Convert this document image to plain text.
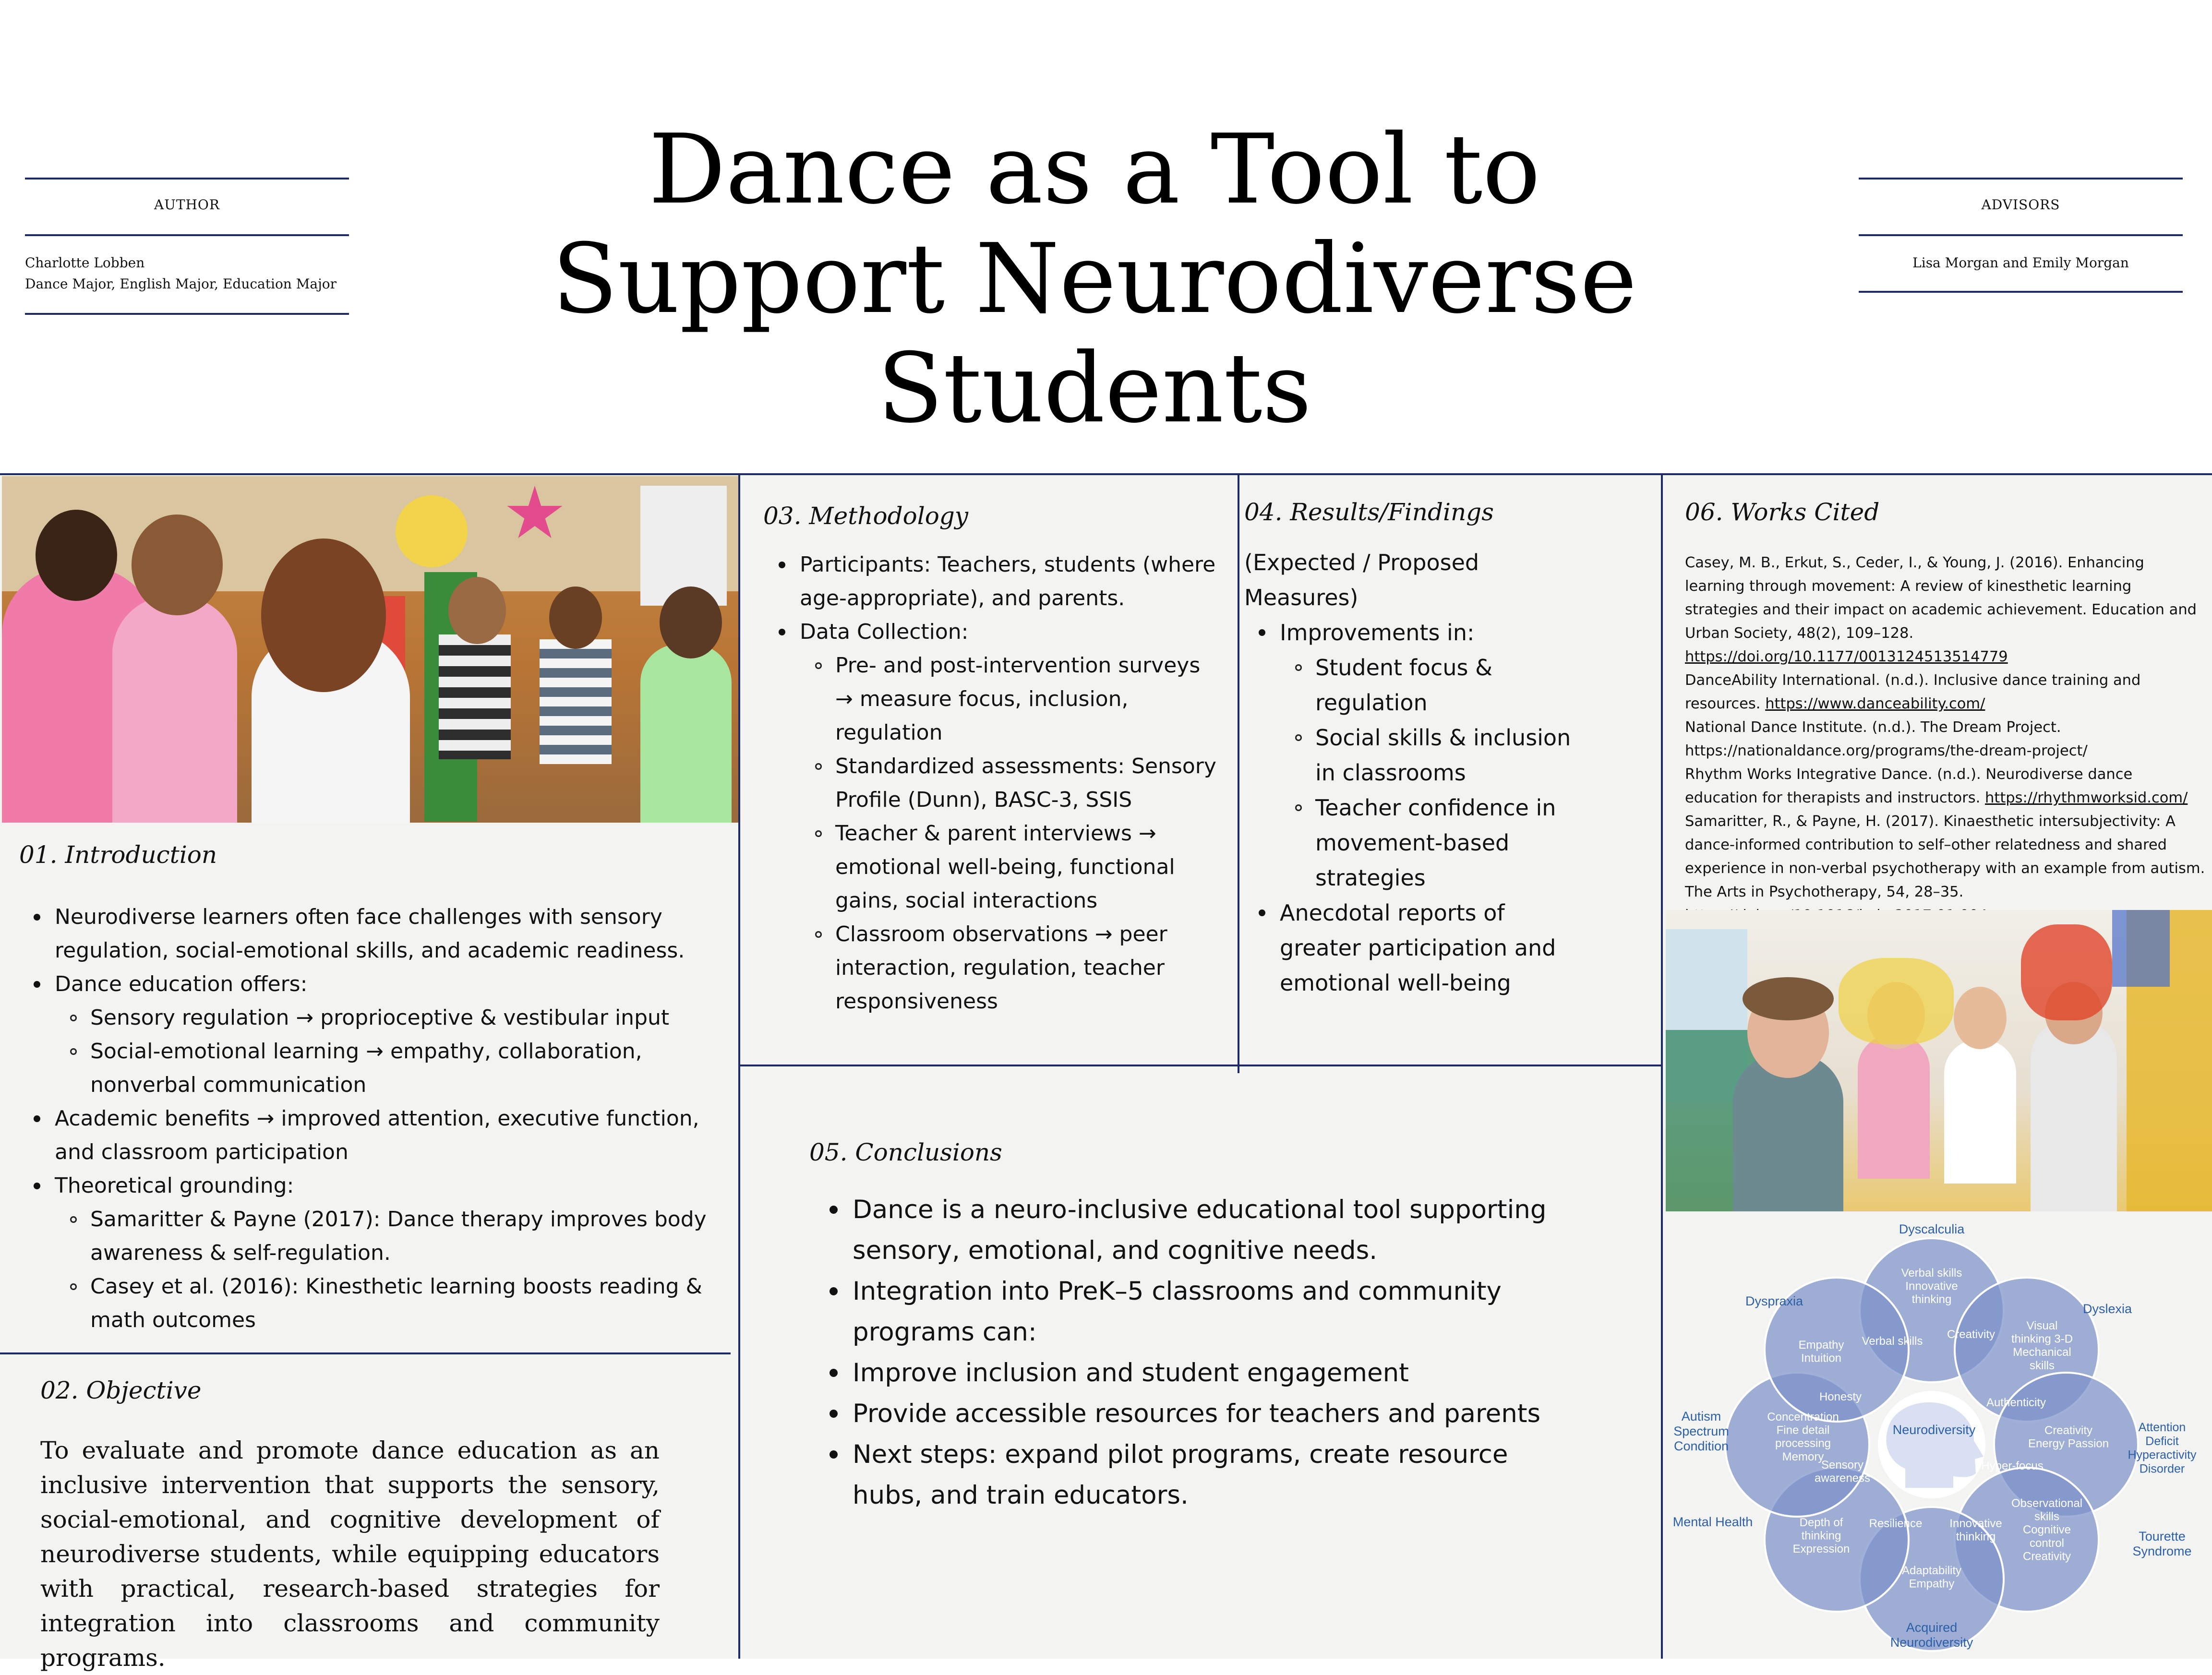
AUTHOR
Charlotte Lobben
Dance Major, English Major, Education Major
Dance as a Tool to
Support Neurodiverse Students
ADVISORS
Lisa Morgan and Emily Morgan
01. Introduction
Neurodiverse learners often face challenges with sensory regulation, social-emotional skills, and academic readiness.
Dance education offers:
Sensory regulation → proprioceptive & vestibular input
Social-emotional learning → empathy, collaboration, nonverbal communication
Academic benefits → improved attention, executive function, and classroom participation
Theoretical grounding:
Samaritter & Payne (2017): Dance therapy improves body awareness & self-regulation.
Casey et al. (2016): Kinesthetic learning boosts reading & math outcomes
02. Objective
To evaluate and promote dance education as an inclusive intervention that supports the sensory, social-emotional, and cognitive development of neurodiverse students, while equipping educators with practical, research-based strategies for integration into classrooms and community programs.
03. Methodology
Participants: Teachers, students (where age-appropriate), and parents.
Data Collection:
Pre- and post-intervention surveys → measure focus, inclusion, regulation
Standardized assessments: Sensory Profile (Dunn), BASC-3, SSIS
Teacher & parent interviews → emotional well-being, functional gains, social interactions
Classroom observations → peer interaction, regulation, teacher responsiveness
04. Results/Findings
(Expected / Proposed Measures)
Improvements in:
Student focus & regulation
Social skills & inclusion in classrooms
Teacher confidence in movement-based strategies
Anecdotal reports of greater participation and emotional well-being
05. Conclusions
Dance is a neuro-inclusive educational tool supporting sensory, emotional, and cognitive needs.
Integration into PreK–5 classrooms and community programs can:
Improve inclusion and student engagement
Provide accessible resources for teachers and parents
Next steps: expand pilot programs, create resource hubs, and train educators.
06. Works Cited

Casey, M. B., Erkut, S., Ceder, I., & Young, J. (2016). Enhancing learning through movement: A review of kinesthetic learning strategies and their impact on academic achievement. Education and Urban Society, 48(2), 109–128. https://doi.org/10.1177/0013124513514779

DanceAbility International. (n.d.). Inclusive dance training and resources. https://www.danceability.com/

National Dance Institute. (n.d.). The Dream Project. https://nationaldance.org/programs/the-dream-project/

Rhythm Works Integrative Dance. (n.d.). Neurodiverse dance education for therapists and instructors. https://rhythmworksid.com/

Samaritter, R., & Payne, H. (2017). Kinaesthetic intersubjectivity: A dance-informed contribution to self–other relatedness and shared experience in non-verbal psychotherapy with an example from autism. The Arts in Psychotherapy, 54, 28–35.

Neurodiversity
Verbal skills Innovative thinking
Visual thinking 3-D Mechanical skills
Creativity Energy Passion
Observational skills Cognitive control Creativity
Adaptability Empathy
Depth of thinking Expression
Concentration Fine detail processing Memory
Empathy Intuition
Verbal skills
Creativity
Authenticity
Hyper-focus
Innovative thinking
Resilience
Sensory awareness
Honesty
Dyscalculia
Dyslexia
Attention Deficit Hyperactivity Disorder
Tourette Syndrome
Acquired Neurodiversity
Mental Health
Autism Spectrum Condition
Dyspraxia
